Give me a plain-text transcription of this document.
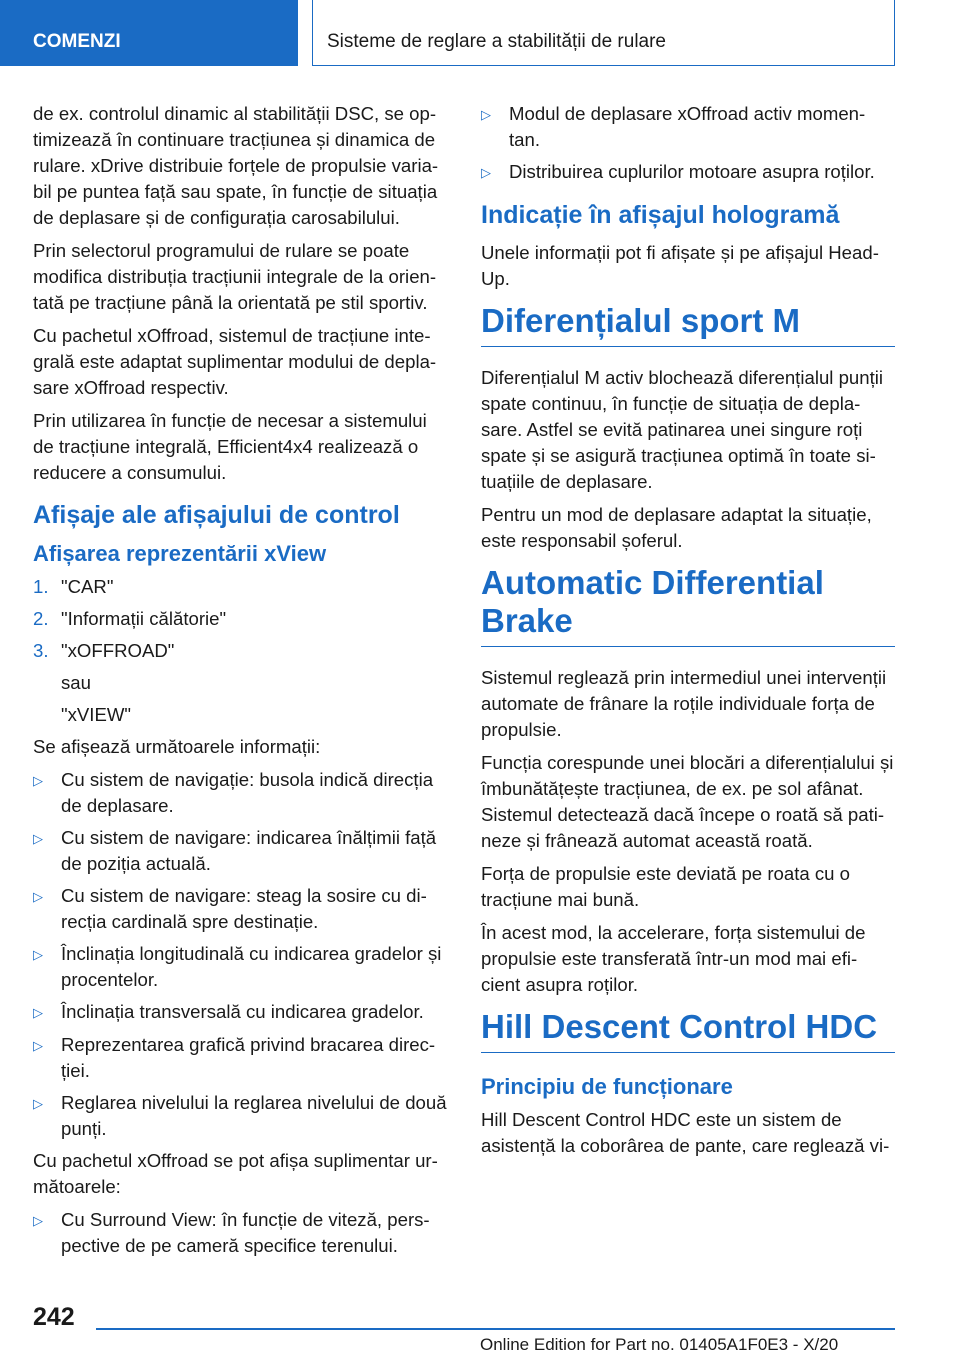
COMENZI	Sisteme de reglare a stabilității de rulare

de ex. controlul dinamic al stabilității DSC, se op-timizează în continuare tracțiunea și dinamica de rulare. xDrive distribuie forțele de propulsie varia-bil pe puntea față sau spate, în funcție de situația de deplasare și de configurația carosabilului.

Prin selectorul programului de rulare se poate modifica distribuția tracțiunii integrale de la orien-tată pe tracțiune până la orientată pe stil sportiv.

Cu pachetul xOffroad, sistemul de tracțiune inte-grală este adaptat suplimentar modului de depla-sare xOffroad respectiv.

Prin utilizarea în funcție de necesar a sistemului de tracțiune integrală, Efficient4x4 realizează o reducere a consumului.

Afișaje ale afișajului de control
Afișarea reprezentării xView
1. "CAR"
2. "Informații călătorie"
3. "xOFFROAD"
sau
"xVIEW"

Se afișează următoarele informații:

▷ Cu sistem de navigație: busola indică direcția de deplasare.
▷ Cu sistem de navigare: indicarea înălțimii față de poziția actuală.
▷ Cu sistem de navigare: steag la sosire cu di-recția cardinală spre destinație.
▷ Înclinația longitudinală cu indicarea gradelor și procentelor.
▷ Înclinația transversală cu indicarea gradelor.
▷ Reprezentarea grafică privind bracarea direc-ției.
▷ Reglarea nivelului la reglarea nivelului de două punți.

Cu pachetul xOffroad se pot afișa suplimentar ur-mătoarele:

▷ Cu Surround View: în funcție de viteză, pers-pective de pe cameră specifice terenului.
▷ Modul de deplasare xOffroad activ momen-tan.
▷ Distribuirea cuplurilor motoare asupra roților.
Indicație în afișajul hologramă

Unele informații pot fi afișate și pe afișajul Head-Up.

Diferențialul sport M

Diferențialul M activ blochează diferențialul punții spate continuu, în funcție de situația de depla-sare. Astfel se evită patinarea unei singure roți spate și se asigură tracțiunea optimă în toate si-tuațiile de deplasare.

Pentru un mod de deplasare adaptat la situație, este responsabil șoferul.

Automatic Differential Brake

Sistemul reglează prin intermediul unei intervenții automate de frânare la roțile individuale forța de propulsie.

Funcția corespunde unei blocări a diferențialului și îmbunătățește tracțiunea, de ex. pe sol afânat. Sistemul detectează dacă începe o roată să pati-neze și frânează automat această roată.

Forța de propulsie este deviată pe roata cu o tracțiune mai bună.

În acest mod, la accelerare, forța sistemului de propulsie este transferată într-un mod mai efi-cient asupra roților.

Hill Descent Control HDC
Principiu de funcționare

Hill Descent Control HDC este un sistem de asistență la coborârea de pante, care reglează vi-

242
Online Edition for Part no. 01405A1F0E3 - X/20
